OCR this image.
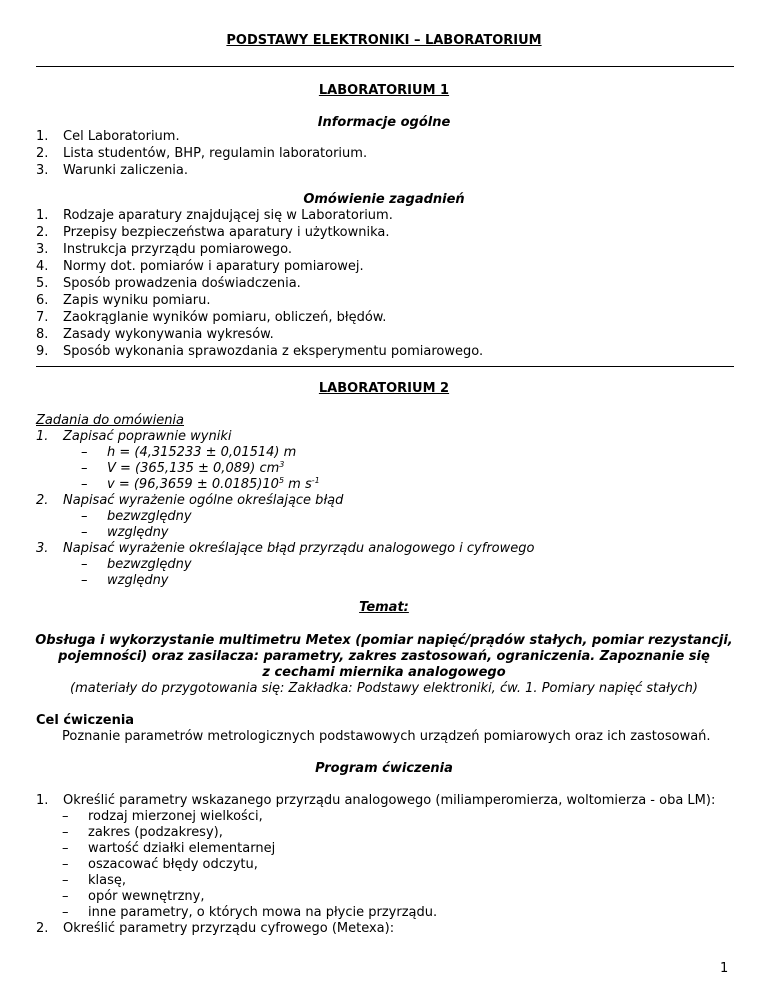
PODSTAWY ELEKTRONIKI – LABORATORIUM
LABORATORIUM 1
Informacje ogólne
1. Cel Laboratorium.
2. Lista studentów, BHP, regulamin laboratorium.
3. Warunki zaliczenia.
Omówienie zagadnień
1. Rodzaje aparatury znajdującej się w Laboratorium.
2. Przepisy bezpieczeństwa aparatury i użytkownika.
3. Instrukcja przyrządu pomiarowego.
4. Normy dot. pomiarów i aparatury pomiarowej.
5. Sposób prowadzenia doświadczenia.
6. Zapis wyniku pomiaru.
7. Zaokrąglanie wyników pomiaru, obliczeń, błędów.
8. Zasady wykonywania wykresów.
9. Sposób wykonania sprawozdania z eksperymentu pomiarowego.
LABORATORIUM 2
Zadania do omówienia
1. Zapisać poprawnie wyniki
– h = (4,315233 ± 0,01514) m
– V = (365,135 ± 0,089) $cm^3$
– $v = (96,3659 \pm 0.0185)10^5$ m $s^{-1}$
2. Napisać wyrażenie ogólne określające błąd
– bezwzględny
– względny
3. Napisać wyrażenie określające błąd przyrządu analogowego i cyfrowego
– bezwzględny
– względny
Temat:
Obsługa i wykorzystanie multimetru Metex (pomiar napięć/prądów stałych, pomiar rezystancji,
pojemności) oraz zasilacza: parametry, zakres zastosowań, ograniczenia. Zapoznanie się
z cechami miernika analogowego
(materiały do przygotowania się: Zakładka: Podstawy elektroniki, ćw. 1. Pomiary napięć stałych)
Cel ćwiczenia
Poznanie parametrów metrologicznych podstawowych urządzeń pomiarowych oraz ich zastosowań.
Program ćwiczenia
1. Określić parametry wskazanego przyrządu analogowego (miliamperomierza, woltomierza - oba LM):
– rodzaj mierzonej wielkości,
– zakres (podzakresy),
– wartość działki elementarnej
– oszacować błędy odczytu,
– klasę,
– opór wewnętrzny,
– inne parametry, o których mowa na płycie przyrządu.
2. Określić parametry przyrządu cyfrowego (Metexa):
1
